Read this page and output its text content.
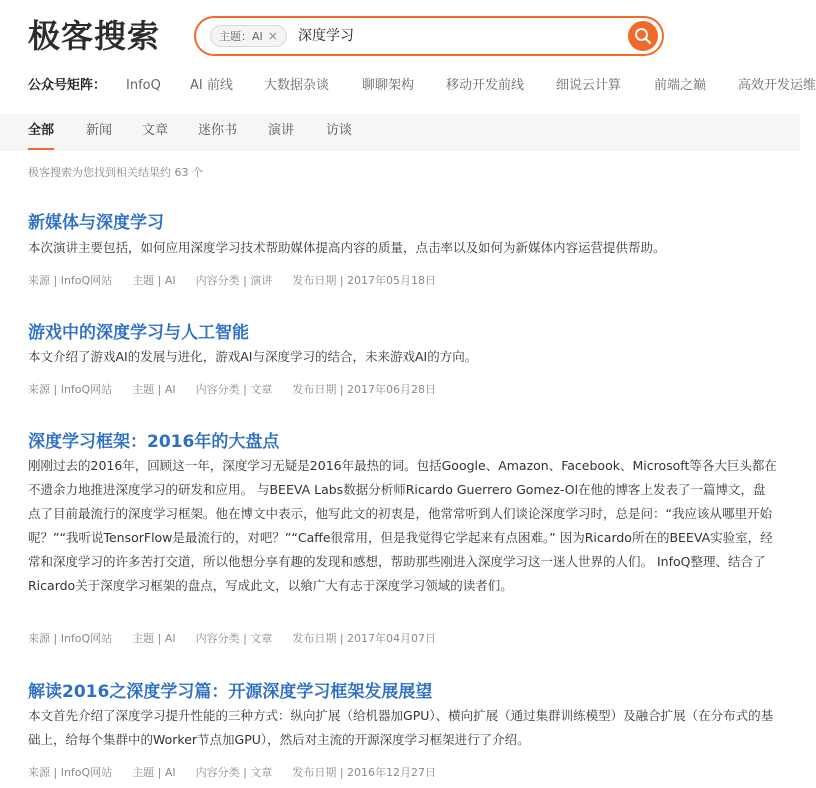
极客搜索	主题：AI ×	深度学习
公众号矩阵： InfoQ AI 前线 大数据杂谈	聊聊架构 移动开发前线 细说云计算	前端之巅 高效开发运维
全部 新闻 文章 迷你书 演讲 访谈
极客搜索为您找到相关结果约 63 个
新媒体与深度学习
本次演讲主要包括，如何应用深度学习技术帮助媒体提高内容的质量，点击率以及如何为新媒体内容运营提供帮助。
来源 | InfoQ网站 主题 | AI 内容分类 | 演讲 发布日期 | 2017年05月18日
游戏中的深度学习与人工智能
本文介绍了游戏AI的发展与进化，游戏AI与深度学习的结合，未来游戏AI的方向。
来源 | InfoQ网站 主题 | AI 内容分类 | 文章 发布日期 | 2017年06月28日
深度学习框架：2016年的大盘点
刚刚过去的2016年，回顾这一年，深度学习无疑是2016年最热的词。包括Google、Amazon、Facebook、Microsoft等各大巨头都在不遗余力地推进深度学习的研发和应用。 与BEEVA Labs数据分析师Ricardo Guerrero Gomez-Ol在他的博客上发表了一篇博文，盘点了目前最流行的深度学习框架。他在博文中表示，他写此文的初衷是，他常常听到人们谈论深度学习时，总是问：“我应该从哪里开始呢？”“我听说TensorFlow是最流行的，对吧？”“Caffe很常用，但是我觉得它学起来有点困难。” 因为Ricardo所在的BEEVA实验室，经常和深度学习的许多苦打交道，所以他想分享有趣的发现和感想，帮助那些刚进入深度学习这一迷人世界的人们。 InfoQ整理、结合了Ricardo关于深度学习框架的盘点，写成此文，以飨广大有志于深度学习领域的读者们。
来源 | InfoQ网站 主题 | AI 内容分类 | 文章 发布日期 | 2017年04月07日
解读2016之深度学习篇：开源深度学习框架发展展望
本文首先介绍了深度学习提升性能的三种方式：纵向扩展（给机器加GPU）、横向扩展（通过集群训练模型）及融合扩展（在分布式的基础上，给每个集群中的Worker节点加GPU），然后对主流的开源深度学习框架进行了介绍。
来源 | InfoQ网站 主题 | AI 内容分类 | 文章 发布日期 | 2016年12月27日
